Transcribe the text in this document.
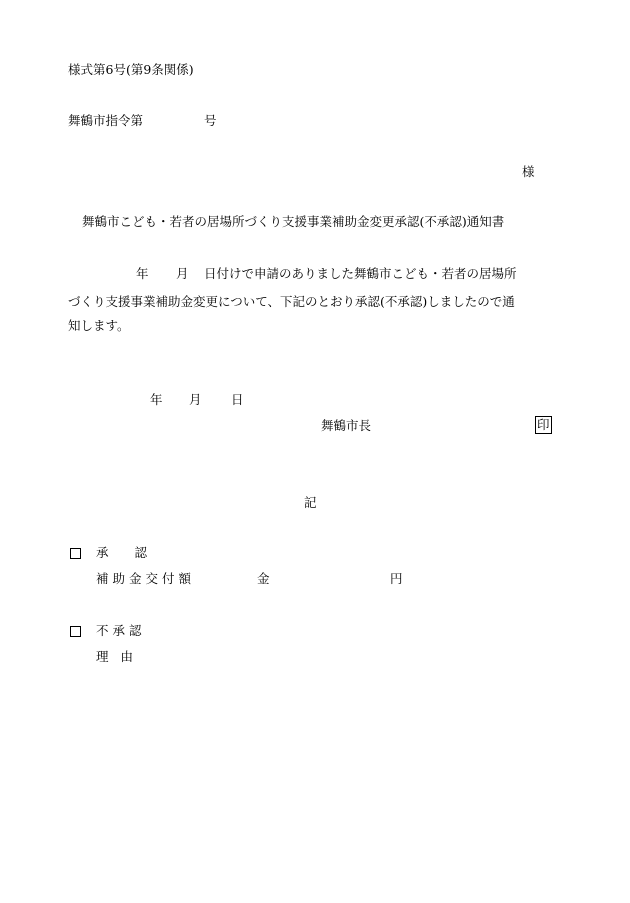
様式第6号(第9条関係)
舞鶴市指令第	号
様
舞鶴市こども・若者の居場所づくり支援事業補助金変更承認(不承認)通知書
年 月 日付けで申請のありました舞鶴市こども・若者の居場所
づくり支援事業補助金変更について、下記のとおり承認(不承認)しましたので通
知します。
年 月 日
舞鶴市長	印
記
承 認
補助金交付額	金	円
不承認
理 由
